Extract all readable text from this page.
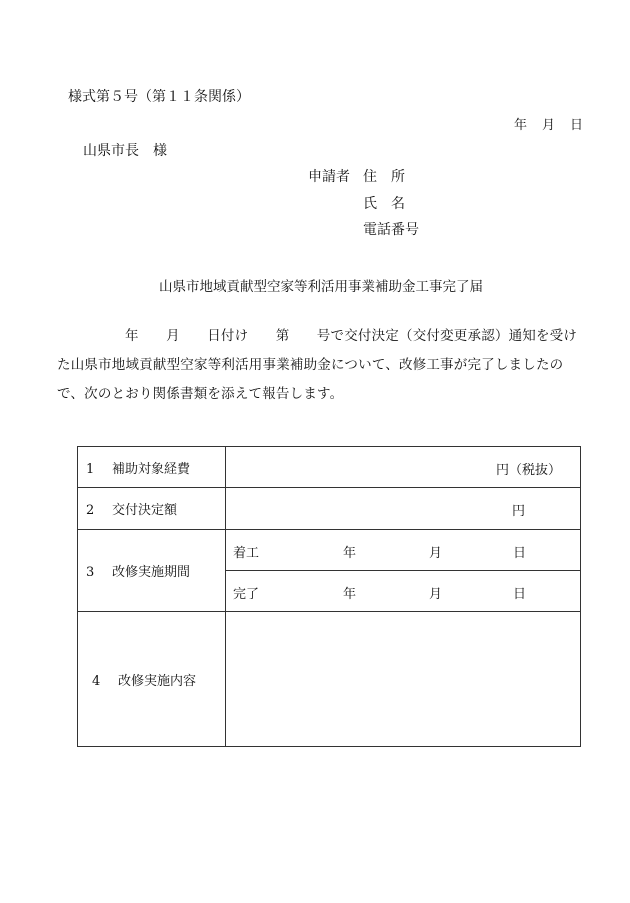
様式第５号（第１１条関係）
年 月 日
山県市長　様
申請者 住　所
氏　名
電話番号
山県市地域貢献型空家等利活用事業補助金工事完了届
年　　月　　日付け　　第　　号で交付決定（交付変更承認）通知を受け
た山県市地域貢献型空家等利活用事業補助金について、改修工事が完了しましたの
で、次のとおり関係書類を添えて報告します。
1 補助対象経費	円（税抜）

2 交付決定額	円

3 改修実施期間	着工 年 月 日

	完了 年 月 日

4 改修実施内容	
